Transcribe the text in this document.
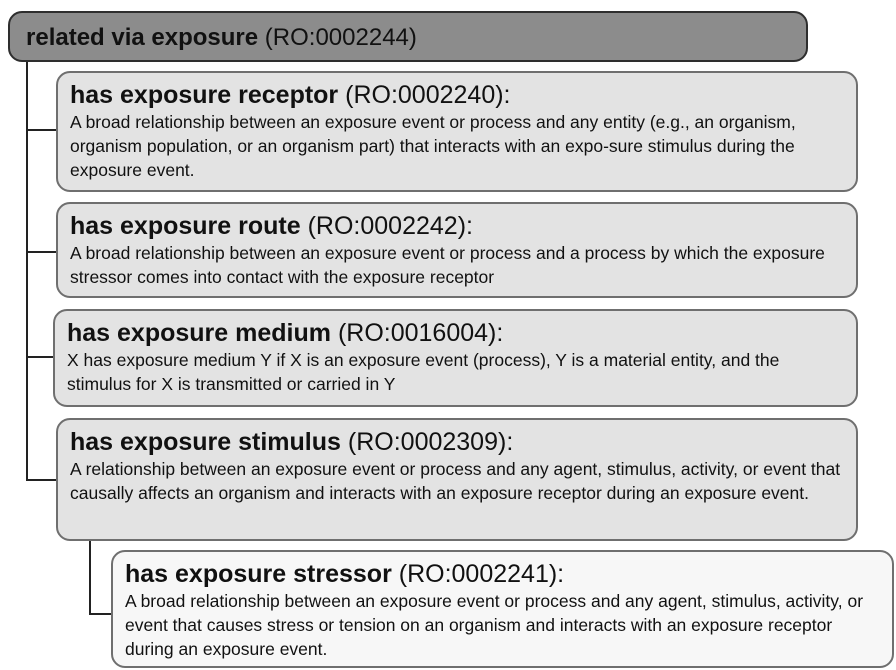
related via exposure (RO:0002244)
has exposure receptor (RO:0002240):
A broad relationship between an exposure event or process and any entity (e.g., an organism, organism population, or an organism part) that interacts with an expo-sure stimulus during the exposure event.
has exposure route (RO:0002242):
A broad relationship between an exposure event or process and a process by which the exposure stressor comes into contact with the exposure receptor
has exposure medium (RO:0016004):
X has exposure medium Y if X is an exposure event (process), Y is a material entity, and the stimulus for X is transmitted or carried in Y
has exposure stimulus (RO:0002309):
A relationship between an exposure event or process and any agent, stimulus, activity, or event that causally affects an organism and interacts with an exposure receptor during an exposure event.
has exposure stressor (RO:0002241):
A broad relationship between an exposure event or process and any agent, stimulus, activity, or event that causes stress or tension on an organism and interacts with an exposure receptor during an exposure event.
